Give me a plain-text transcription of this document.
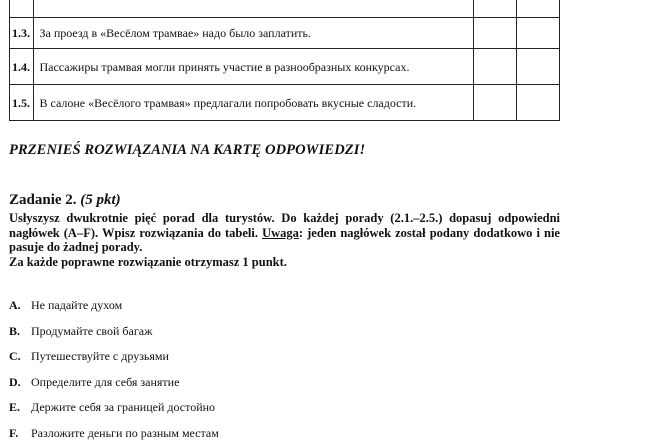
1.3.	За проезд в «Весёлом трамвае» надо было заплатить.		
1.4.	Пассажиры трамвая могли принять участие в разнообразных конкурсах.		
1.5.	В салоне «Весёлого трамвая» предлагали попробовать вкусные сладости.		

PRZENIEŚ ROZWIĄZANIA NA KARTĘ ODPOWIEDZI!

Zadanie 2. (5 pkt)

Usłyszysz dwukrotnie pięć porad dla turystów. Do każdej porady (2.1.–2.5.) dopasuj odpowiedni nagłówek (A–F). Wpisz rozwiązania do tabeli. Uwaga: jeden nagłówek został podany dodatkowo i nie pasuje do żadnej porady.
Za każde poprawne rozwiązanie otrzymasz 1 punkt.

A. Не падайте духом
B. Продумайте свой багаж
C. Путешествуйте с друзьями
D. Определите для себя занятие
E. Держите себя за границей достойно
F. Разложите деньги по разным местам
